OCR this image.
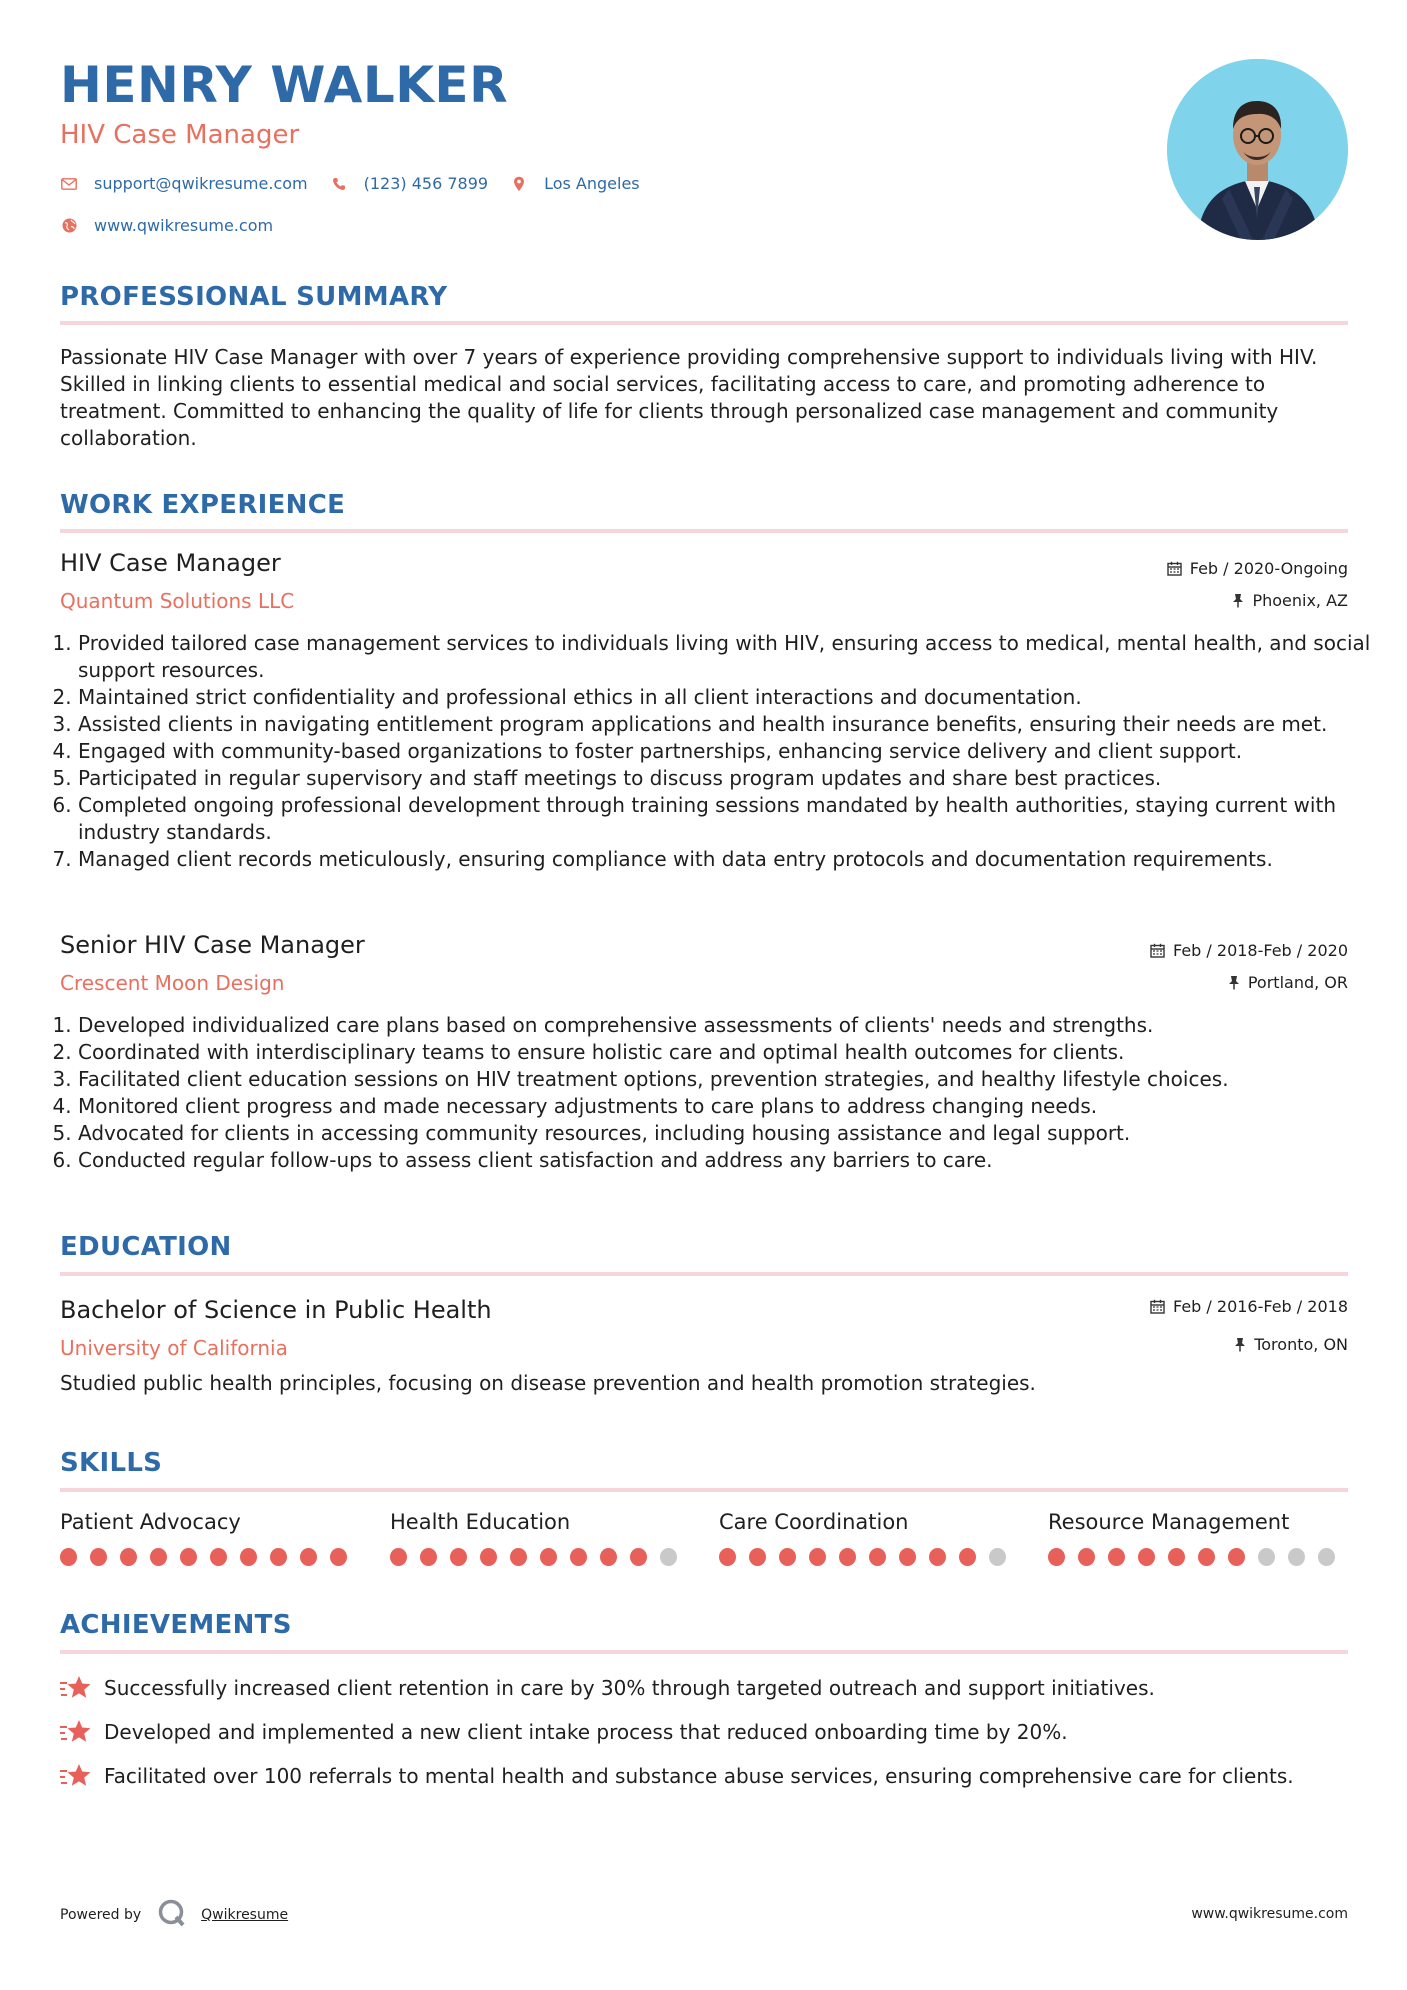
HENRY WALKER
HIV Case Manager
support@qwikresume.com	(123) 456 7899	Los Angeles
www.qwikresume.com
PROFESSIONAL SUMMARY
Passionate HIV Case Manager with over 7 years of experience providing comprehensive support to individuals living with HIV. Skilled in linking clients to essential medical and social services, facilitating access to care, and promoting adherence to treatment. Committed to enhancing the quality of life for clients through personalized case management and community collaboration.
WORK EXPERIENCE
HIV Case Manager
Quantum Solutions LLC
Feb / 2020-Ongoing
Phoenix, AZ
1. Provided tailored case management services to individuals living with HIV, ensuring access to medical, mental health, and social support resources.
2. Maintained strict confidentiality and professional ethics in all client interactions and documentation.
3. Assisted clients in navigating entitlement program applications and health insurance benefits, ensuring their needs are met.
4. Engaged with community-based organizations to foster partnerships, enhancing service delivery and client support.
5. Participated in regular supervisory and staff meetings to discuss program updates and share best practices.
6. Completed ongoing professional development through training sessions mandated by health authorities, staying current with industry standards.
7. Managed client records meticulously, ensuring compliance with data entry protocols and documentation requirements.
Senior HIV Case Manager
Crescent Moon Design
Feb / 2018-Feb / 2020
Portland, OR
1. Developed individualized care plans based on comprehensive assessments of clients' needs and strengths.
2. Coordinated with interdisciplinary teams to ensure holistic care and optimal health outcomes for clients.
3. Facilitated client education sessions on HIV treatment options, prevention strategies, and healthy lifestyle choices.
4. Monitored client progress and made necessary adjustments to care plans to address changing needs.
5. Advocated for clients in accessing community resources, including housing assistance and legal support.
6. Conducted regular follow-ups to assess client satisfaction and address any barriers to care.
EDUCATION
Bachelor of Science in Public Health
University of California
Feb / 2016-Feb / 2018
Toronto, ON
Studied public health principles, focusing on disease prevention and health promotion strategies.
SKILLS
Patient Advocacy	Health Education	Care Coordination	Resource Management
ACHIEVEMENTS
Successfully increased client retention in care by 30% through targeted outreach and support initiatives.
Developed and implemented a new client intake process that reduced onboarding time by 20%.
Facilitated over 100 referrals to mental health and substance abuse services, ensuring comprehensive care for clients.
Powered by	Qwikresume	www.qwikresume.com
